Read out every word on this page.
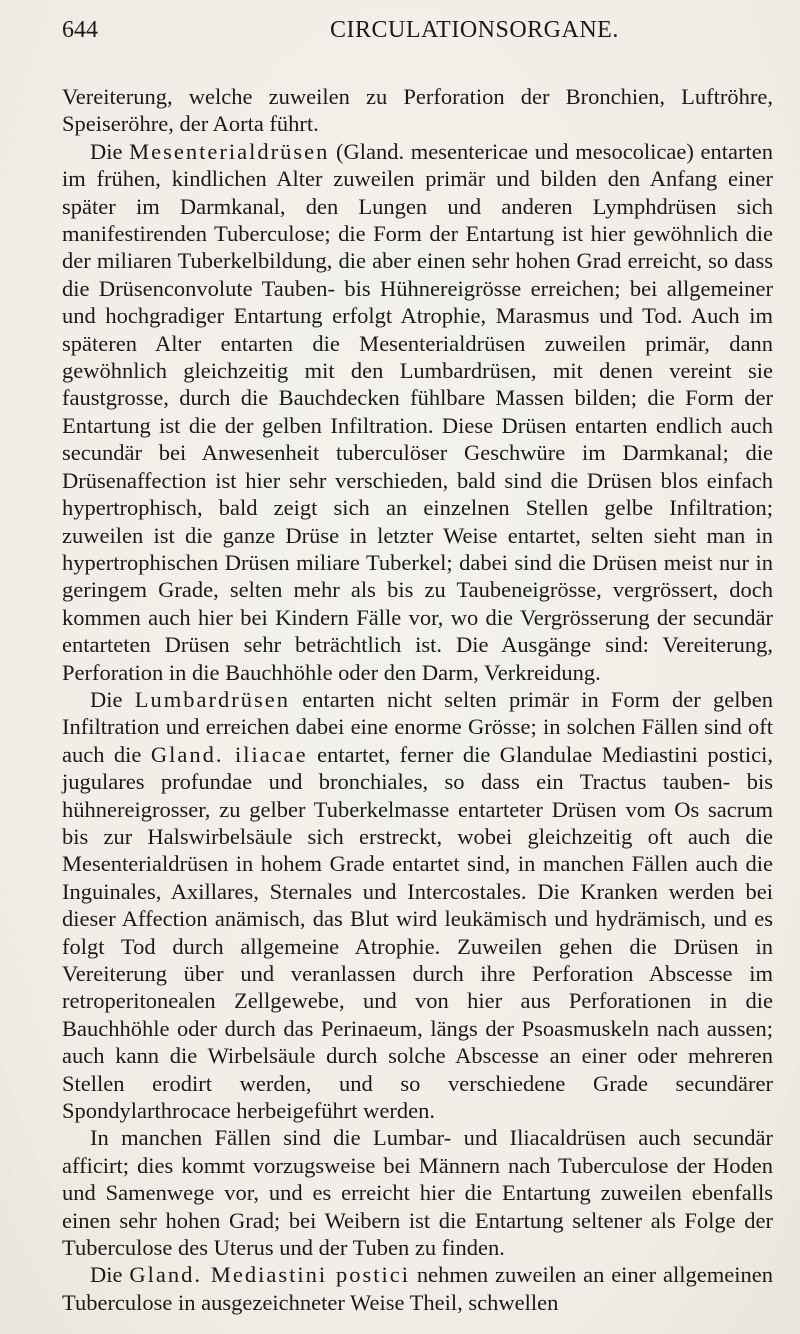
644	CIRCULATIONSORGANE.

Vereiterung, welche zuweilen zu Perforation der Bronchien, Luftröhre, Speiseröhre, der Aorta führt.

Die Mesenterialdrüsen (Gland. mesentericae und mesocolicae) entarten im frühen, kindlichen Alter zuweilen primär und bilden den Anfang einer später im Darmkanal, den Lungen und anderen Lymphdrüsen sich manifestirenden Tuberculose; die Form der Entartung ist hier gewöhnlich die der miliaren Tuberkelbildung, die aber einen sehr hohen Grad erreicht, so dass die Drüsenconvolute Tauben- bis Hühnereigrösse erreichen; bei allgemeiner und hochgradiger Entartung erfolgt Atrophie, Marasmus und Tod. Auch im späteren Alter entarten die Mesenterialdrüsen zuweilen primär, dann gewöhnlich gleichzeitig mit den Lumbardrüsen, mit denen vereint sie faustgrosse, durch die Bauchdecken fühlbare Massen bilden; die Form der Entartung ist die der gelben Infiltration. Diese Drüsen entarten endlich auch secundär bei Anwesenheit tuberculöser Geschwüre im Darmkanal; die Drüsenaffection ist hier sehr verschieden, bald sind die Drüsen blos einfach hypertrophisch, bald zeigt sich an einzelnen Stellen gelbe Infiltration; zuweilen ist die ganze Drüse in letzter Weise entartet, selten sieht man in hypertrophischen Drüsen miliare Tuberkel; dabei sind die Drüsen meist nur in geringem Grade, selten mehr als bis zu Taubeneigrösse, vergrössert, doch kommen auch hier bei Kindern Fälle vor, wo die Vergrösserung der secundär entarteten Drüsen sehr beträchtlich ist. Die Ausgänge sind: Vereiterung, Perforation in die Bauchhöhle oder den Darm, Verkreidung.

Die Lumbardrüsen entarten nicht selten primär in Form der gelben Infiltration und erreichen dabei eine enorme Grösse; in solchen Fällen sind oft auch die Gland. iliacae entartet, ferner die Glandulae Mediastini postici, jugulares profundae und bronchiales, so dass ein Tractus tauben- bis hühnereigrosser, zu gelber Tuberkelmasse entarteter Drüsen vom Os sacrum bis zur Halswirbelsäule sich erstreckt, wobei gleichzeitig oft auch die Mesenterialdrüsen in hohem Grade entartet sind, in manchen Fällen auch die Inguinales, Axillares, Sternales und Intercostales. Die Kranken werden bei dieser Affection anämisch, das Blut wird leukämisch und hydrämisch, und es folgt Tod durch allgemeine Atrophie. Zuweilen gehen die Drüsen in Vereiterung über und veranlassen durch ihre Perforation Abscesse im retroperitonealen Zellgewebe, und von hier aus Perforationen in die Bauchhöhle oder durch das Perinaeum, längs der Psoasmuskeln nach aussen; auch kann die Wirbelsäule durch solche Abscesse an einer oder mehreren Stellen erodirt werden, und so verschiedene Grade secundärer Spondylarthrocace herbeigeführt werden.

In manchen Fällen sind die Lumbar- und Iliacaldrüsen auch secundär afficirt; dies kommt vorzugsweise bei Männern nach Tuberculose der Hoden und Samenwege vor, und es erreicht hier die Entartung zuweilen ebenfalls einen sehr hohen Grad; bei Weibern ist die Entartung seltener als Folge der Tuberculose des Uterus und der Tuben zu finden.

Die Gland. Mediastini postici nehmen zuweilen an einer allgemeinen Tuberculose in ausgezeichneter Weise Theil, schwellen
